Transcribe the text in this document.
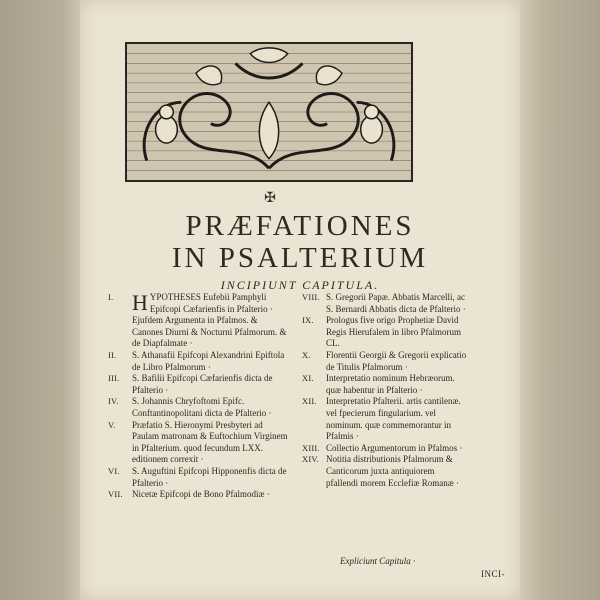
✠
PRÆFATIONES
IN PSALTERIUM
INCIPIUNT CAPITULA.
I. H YPOTHESES Eufebii Pamphyli Epifcopi Cæfarienfis in Pfalterio ·
Ejufdem Argumenta in Pfalmos. & Canones Diurni & Nocturni Pfalmorum. & de Diapfalmate ·
II.	S. Athanafii Epifcopi Alexandrini Epiftola de Libro Pfalmorum ·
III.	S. Bafilii Epifcopi Cæfarienfis dicta de Pfalterio ·
IV.	S. Johannis Chryfoftomi Epifc. Conftantinopolitani dicta de Pfalterio ·
V.	Præfatio S. Hieronymi Presbyteri ad Paulam matronam & Euftochium Virginem in Pfalterium. quod fecundum LXX. editionem correxit ·
VI.	S. Auguftini Epifcopi Hipponenfis dicta de Pfalterio ·
VII.	Nicetæ Epifcopi de Bono Pfalmodiæ ·
VIII. S. Gregorii Papæ. Abbatis Marcelli, ac S. Bernardi Abbatis dicta de Pfalterio ·
IX.	Prologus five origo Prophetiæ David Regis Hierufalem in libro Pfalmorum CL.
X.	Florentii Georgii & Gregorii explicatio de Titulis Pfalmorum ·
XI.	Interpretatio nominum Hebræorum. quæ habentur in Pfalterio ·
XII.	Interpretatio Pfalterii. artis cantilenæ. vel fpecierum fingularium. vel nominum. quæ commemorantur in Pfalmis ·
XIII. Collectio Argumentorum in Pfalmos ·
XIV. Notitia distributionis Pfalmorum & Canticorum juxta antiquiorem pfallendi morem Ecclefiæ Romanæ ·
Expliciunt Capitula ·
INCI-
